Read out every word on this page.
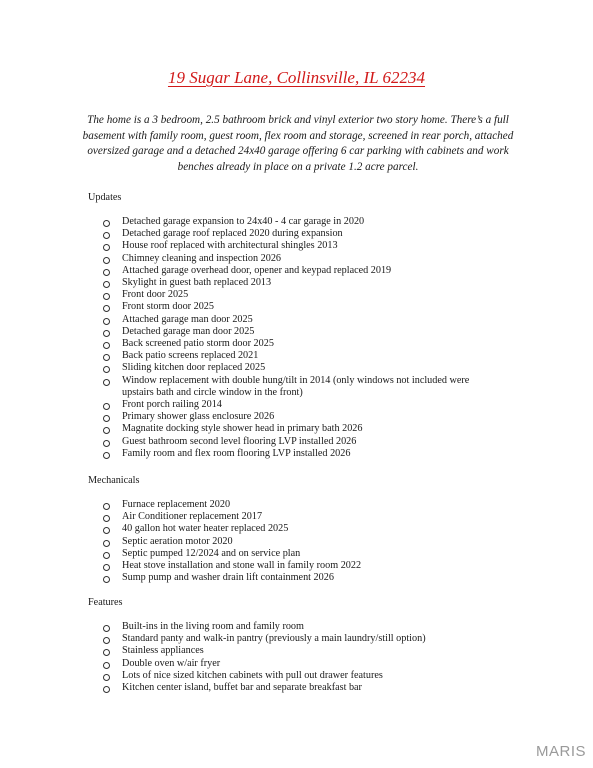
19 Sugar Lane, Collinsville, IL 62234
The home is a 3 bedroom, 2.5 bathroom brick and vinyl exterior two story home. There’s a full basement with family room, guest room, flex room and storage, screened in rear porch, attached oversized garage and a detached 24x40 garage offering 6 car parking with cabinets and work benches already in place on a private 1.2 acre parcel.
Updates
Detached garage expansion to 24x40 - 4 car garage in 2020
Detached garage roof replaced 2020 during expansion
House roof replaced with architectural shingles 2013
Chimney cleaning and inspection 2026
Attached garage overhead door, opener and keypad replaced 2019
Skylight in guest bath replaced 2013
Front door 2025
Front storm door 2025
Attached garage man door 2025
Detached garage man door 2025
Back screened patio storm door 2025
Back patio screens replaced 2021
Sliding kitchen door replaced 2025
Window replacement with double hung/tilt in 2014 (only windows not included were upstairs bath and circle window in the front)
Front porch railing 2014
Primary shower glass enclosure 2026
Magnatite docking style shower head in primary bath 2026
Guest bathroom second level flooring LVP installed 2026
Family room and flex room flooring LVP installed 2026
Mechanicals
Furnace replacement 2020
Air Conditioner replacement 2017
40 gallon hot water heater replaced 2025
Septic aeration motor 2020
Septic pumped 12/2024 and on service plan
Heat stove installation and stone wall in family room 2022
Sump pump and washer drain lift containment 2026
Features
Built-ins in the living room and family room
Standard panty and walk-in pantry (previously a main laundry/still option)
Stainless appliances
Double oven w/air fryer
Lots of nice sized kitchen cabinets with pull out drawer features
Kitchen center island, buffet bar and separate breakfast bar
MARIS
